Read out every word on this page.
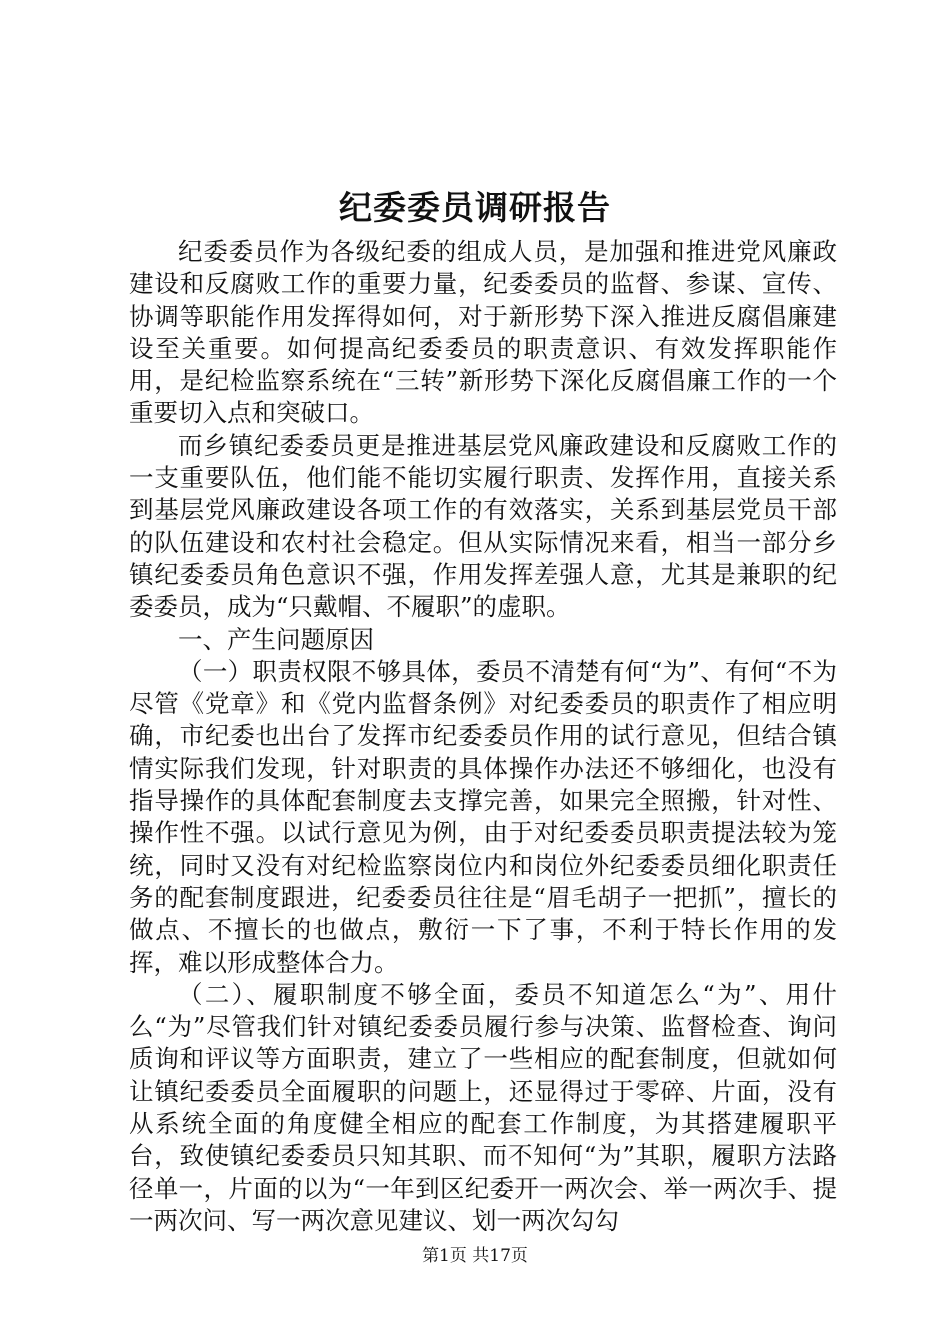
纪委委员调研报告

纪委委员作为各级纪委的组成人员，是加强和推进党风廉政建设和反腐败工作的重要力量，纪委委员的监督、参谋、宣传、协调等职能作用发挥得如何，对于新形势下深入推进反腐倡廉建设至关重要。如何提高纪委委员的职责意识、有效发挥职能作用，是纪检监察系统在“三转”新形势下深化反腐倡廉工作的一个重要切入点和突破口。

而乡镇纪委委员更是推进基层党风廉政建设和反腐败工作的一支重要队伍，他们能不能切实履行职责、发挥作用，直接关系到基层党风廉政建设各项工作的有效落实，关系到基层党员干部的队伍建设和农村社会稳定。但从实际情况来看，相当一部分乡镇纪委委员角色意识不强，作用发挥差强人意，尤其是兼职的纪委委员，成为“只戴帽、不履职”的虚职。

一、产生问题原因

（一）职责权限不够具体，委员不清楚有何“为”、有何“不为尽管《党章》和《党内监督条例》对纪委委员的职责作了相应明确，市纪委也出台了发挥市纪委委员作用的试行意见，但结合镇情实际我们发现，针对职责的具体操作办法还不够细化，也没有指导操作的具体配套制度去支撑完善，如果完全照搬，针对性、操作性不强。以试行意见为例，由于对纪委委员职责提法较为笼统，同时又没有对纪检监察岗位内和岗位外纪委委员细化职责任务的配套制度跟进，纪委委员往往是“眉毛胡子一把抓”，擅长的做点、不擅长的也做点，敷衍一下了事，不利于特长作用的发挥，难以形成整体合力。

（二）、履职制度不够全面，委员不知道怎么“为”、用什么“为”尽管我们针对镇纪委委员履行参与决策、监督检查、询问质询和评议等方面职责，建立了一些相应的配套制度，但就如何让镇纪委委员全面履职的问题上，还显得过于零碎、片面，没有从系统全面的角度健全相应的配套工作制度，为其搭建履职平台，致使镇纪委委员只知其职、而不知何“为”其职，履职方法路径单一，片面的以为“一年到区纪委开一两次会、举一两次手、提一两次问、写一两次意见建议、划一两次勾勾

第1页 共17页
